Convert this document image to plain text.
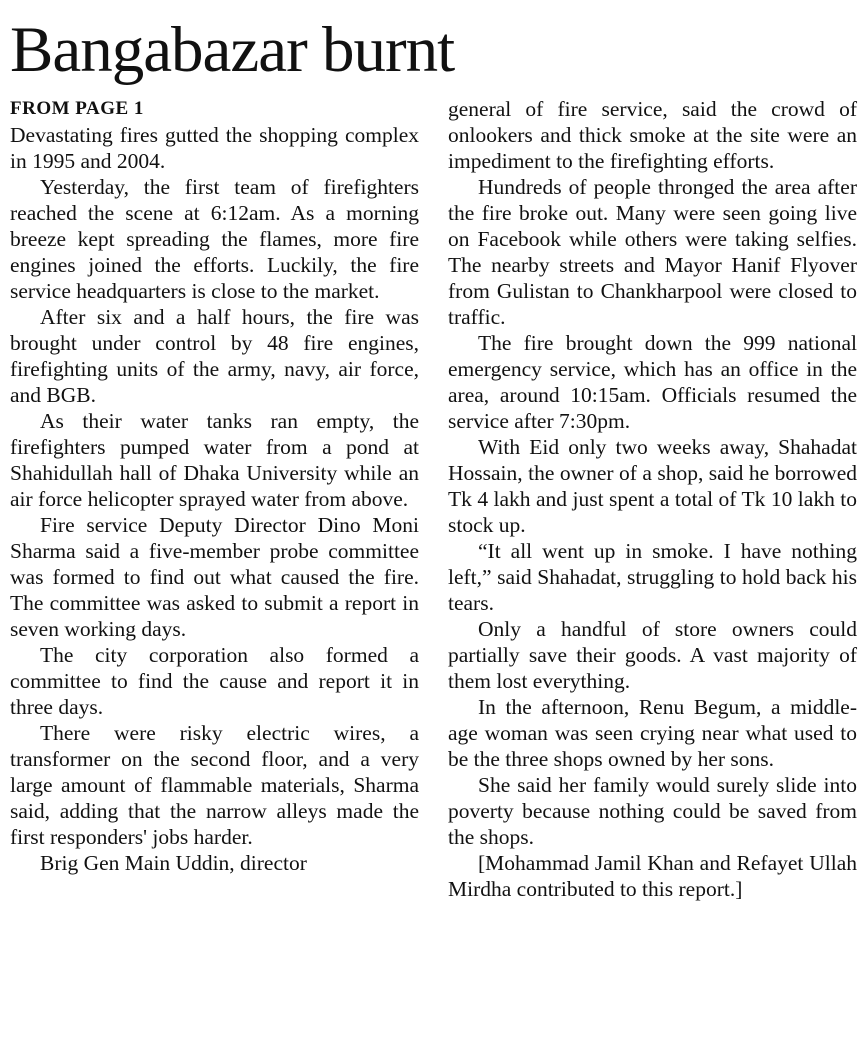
Bangabazar burnt
FROM PAGE 1

Devastating fires gutted the shopping complex in 1995 and 2004.

Yesterday, the first team of firefighters reached the scene at 6:12am. As a morning breeze kept spreading the flames, more fire engines joined the efforts. Luckily, the fire service headquarters is close to the market.

After six and a half hours, the fire was brought under control by 48 fire engines, firefighting units of the army, navy, air force, and BGB.

As their water tanks ran empty, the firefighters pumped water from a pond at Shahidullah hall of Dhaka University while an air force helicopter sprayed water from above.

Fire service Deputy Director Dino Moni Sharma said a five-member probe committee was formed to find out what caused the fire. The committee was asked to submit a report in seven working days.

The city corporation also formed a committee to find the cause and report it in three days.

There were risky electric wires, a transformer on the second floor, and a very large amount of flammable materials, Sharma said, adding that the narrow alleys made the first responders' jobs harder.

Brig Gen Main Uddin, director

general of fire service, said the crowd of onlookers and thick smoke at the site were an impediment to the firefighting efforts.

Hundreds of people thronged the area after the fire broke out. Many were seen going live on Facebook while others were taking selfies. The nearby streets and Mayor Hanif Flyover from Gulistan to Chankharpool were closed to traffic.

The fire brought down the 999 national emergency service, which has an office in the area, around 10:15am. Officials resumed the service after 7:30pm.

With Eid only two weeks away, Shahadat Hossain, the owner of a shop, said he borrowed Tk 4 lakh and just spent a total of Tk 10 lakh to stock up.

“It all went up in smoke. I have nothing left,” said Shahadat, struggling to hold back his tears.

Only a handful of store owners could partially save their goods. A vast majority of them lost everything.

In the afternoon, Renu Begum, a middle-age woman was seen crying near what used to be the three shops owned by her sons.

She said her family would surely slide into poverty because nothing could be saved from the shops.

[Mohammad Jamil Khan and Refayet Ullah Mirdha contributed to this report.]
